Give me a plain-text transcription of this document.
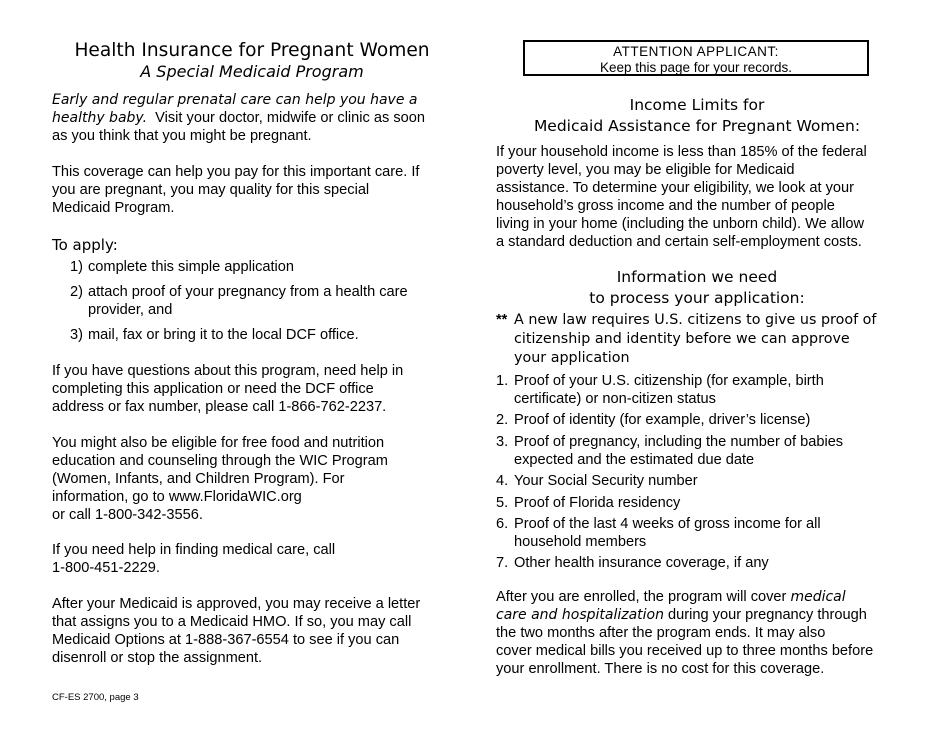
Health Insurance for Pregnant Women
A Special Medicaid Program
Early and regular prenatal care can help you have a
healthy baby.  Visit your doctor, midwife or clinic as soon
as you think that you might be pregnant.
This coverage can help you pay for this important care. If
you are pregnant, you may quality for this special
Medicaid Program.
To apply:
1) complete this simple application
2) attach proof of your pregnancy from a health care
provider, and
3) mail, fax or bring it to the local DCF office.
If you have questions about this program, need help in
completing this application or need the DCF office
address or fax number, please call 1-866-762-2237.
You might also be eligible for free food and nutrition
education and counseling through the WIC Program
(Women, Infants, and Children Program). For
information, go to www.FloridaWIC.org
or call 1-800-342-3556.
If you need help in finding medical care, call
1-800-451-2229.
After your Medicaid is approved, you may receive a letter
that assigns you to a Medicaid HMO. If so, you may call
Medicaid Options at 1-888-367-6554 to see if you can
disenroll or stop the assignment.
CF-ES 2700, page 3
ATTENTION APPLICANT:
Keep this page for your records.
Income Limits for
Medicaid Assistance for Pregnant Women:
If your household income is less than 185% of the federal
poverty level, you may be eligible for Medicaid
assistance. To determine your eligibility, we look at your
household’s gross income and the number of people
living in your home (including the unborn child). We allow
a standard deduction and certain self-employment costs.
Information we need
to process your application:
** A new law requires U.S. citizens to give us proof of
citizenship and identity before we can approve
your application
1. Proof of your U.S. citizenship (for example, birth
certificate) or non-citizen status
2. Proof of identity (for example, driver’s license)
3. Proof of pregnancy, including the number of babies
expected and the estimated due date
4. Your Social Security number
5. Proof of Florida residency
6. Proof of the last 4 weeks of gross income for all
household members
7. Other health insurance coverage, if any
After you are enrolled, the program will cover medical
care and hospitalization during your pregnancy through
the two months after the program ends. It may also
cover medical bills you received up to three months before
your enrollment. There is no cost for this coverage.
